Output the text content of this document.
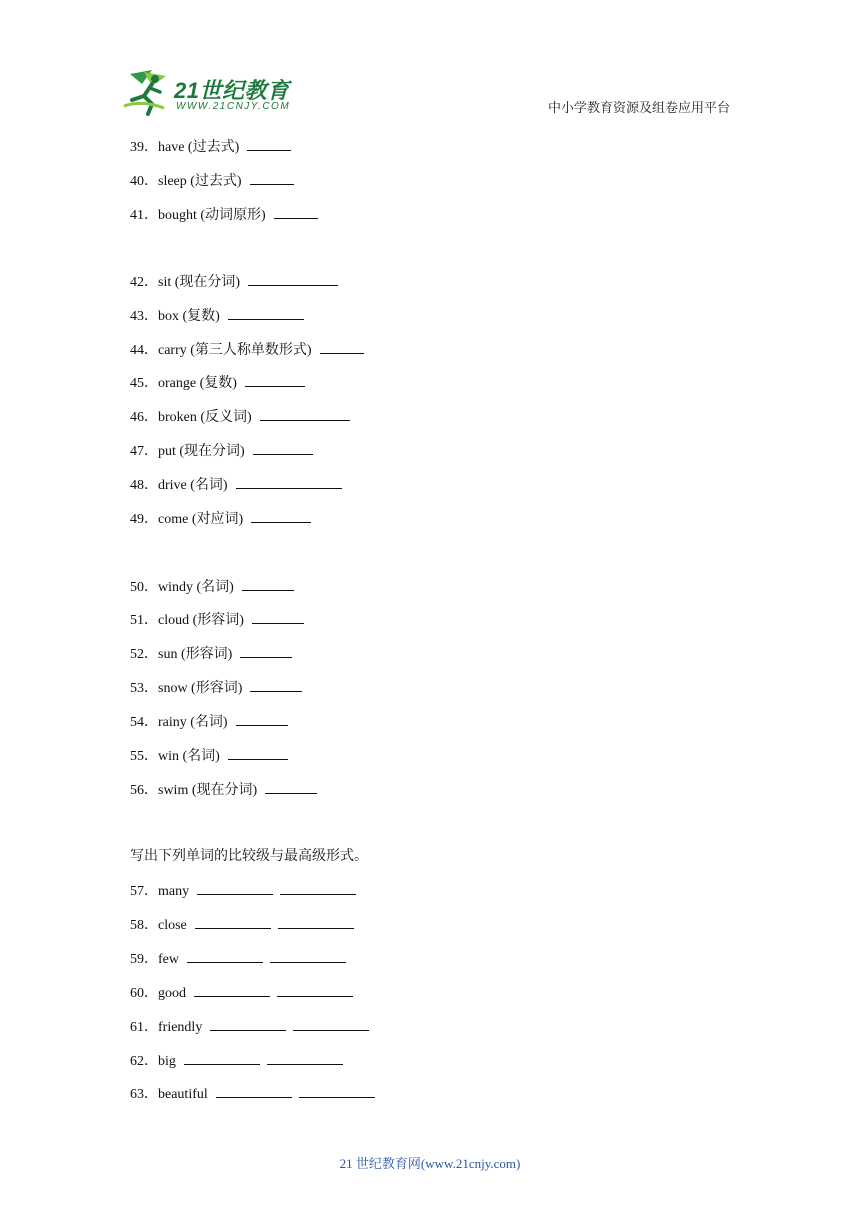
21世纪教育
WWW.21CNJY.COM	中小学教育资源及组卷应用平台
39．have (过去式)
40．sleep (过去式)
41．bought (动词原形)
42．sit (现在分词)
43．box (复数)
44．carry (第三人称单数形式)
45．orange (复数)
46．broken (反义词)
47．put (现在分词)
48．drive (名词)
49．come (对应词)
50．windy (名词)
51．cloud (形容词)
52．sun (形容词)
53．snow (形容词)
54．rainy (名词)
55．win (名词)
56．swim (现在分词)
写出下列单词的比较级与最高级形式。
57．many
58．close
59．few
60．good
61．friendly
62．big
63．beautiful
21 世纪教育网(www.21cnjy.com)
